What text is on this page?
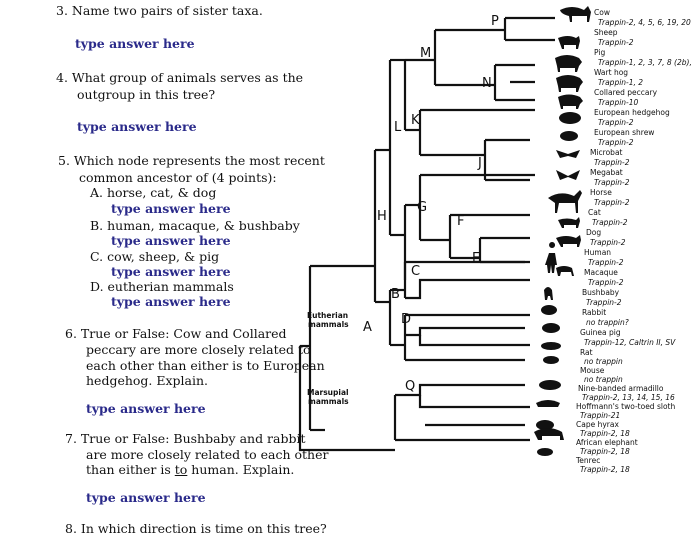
3. Name two pairs of sister taxa.
type answer here
4. What group of animals serves as the
outgroup in this tree?
type answer here
5. Which node represents the most recent
common ancestor of (4 points):
A. horse, cat, & dog
type answer here
B. human, macaque, & bushbaby
type answer here
C. cow, sheep, & pig
type answer here
D. eutherian mammals
type answer here
6. True or False: Cow and Collared
peccary are more closely related to
each other than either is to European
hedgehog. Explain.
type answer here
7. True or False: Bushbaby and rabbit
are more closely related to each other
than either is to human. Explain.
type answer here
8. In which direction is time on this tree?
P
M
N
L K
J
H
G
F
E
C
B
D
A
Q
Eutherian
mammals
Marsupial
mammals
Cow
Trappin-2, 4, 5, 6, 19, 20
Sheep
Trappin-2
Pig
Trappin-1, 2, 3, 7, 8 (2b),
Wart hog
Trappin-1, 2
Collared peccary
Trappin-10
European hedgehog
Trappin-2
European shrew
Trappin-2
Microbat
Trappin-2
Megabat
Trappin-2
Horse
Trappin-2
Cat
Trappin-2
Dog
Trappin-2
Human
Trappin-2
Macaque
Trappin-2
Bushbaby
Trappin-2
Rabbit
no trappin?
Guinea pig
Trappin-12, Caltrin II, SV
Rat
no trappin
Mouse
no trappin
Nine-banded armadillo
Trappin-2, 13, 14, 15, 16
Hoffmann's two-toed sloth
Trappin-21
Cape hyrax
Trappin-2, 18
African elephant
Trappin-2, 18
Tenrec
Trappin-2, 18
